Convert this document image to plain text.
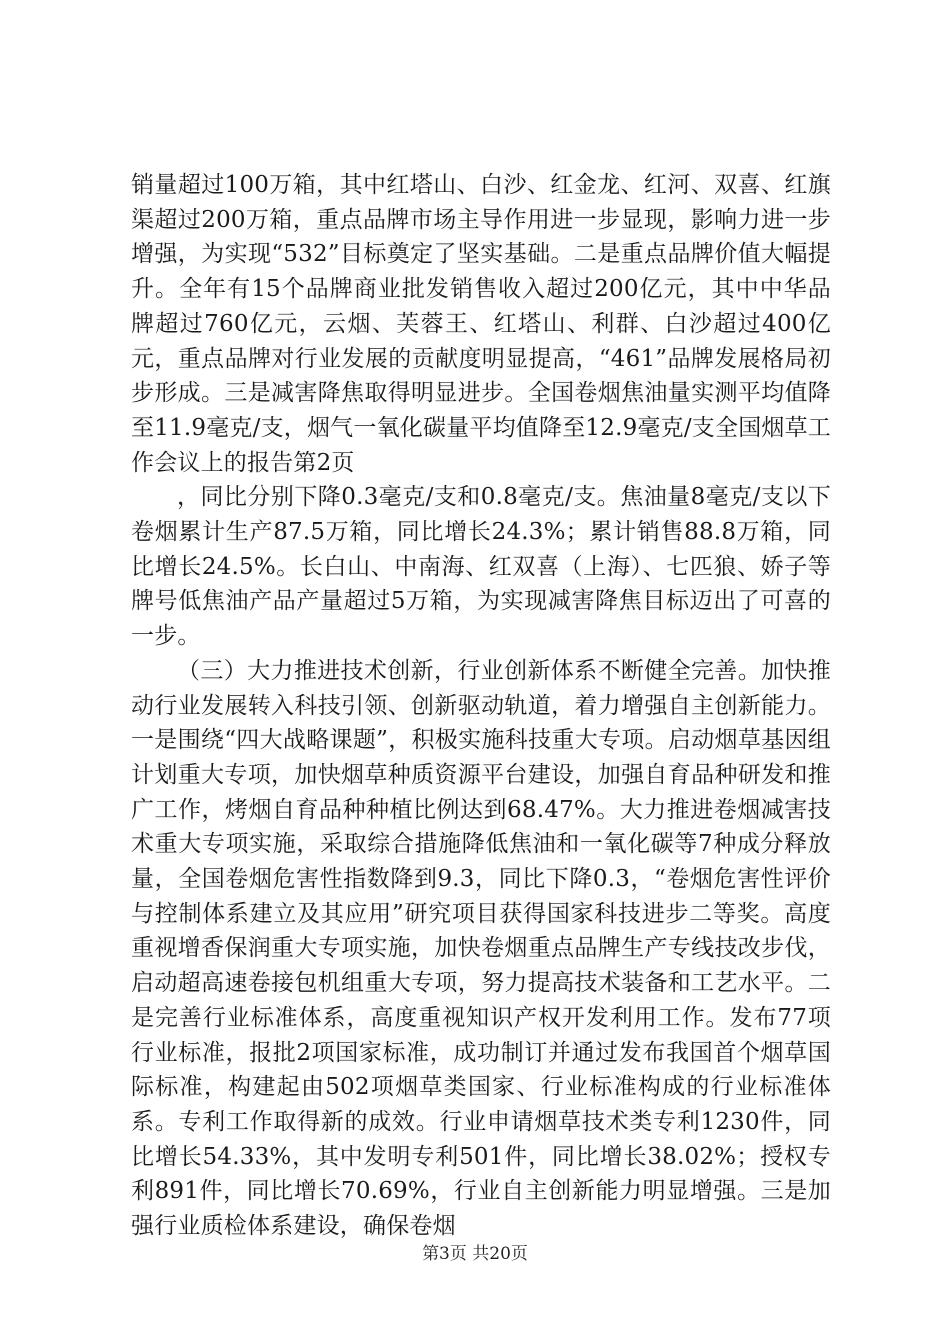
销量超过100万箱，其中红塔山、白沙、红金龙、红河、双喜、红旗渠超过200万箱，重点品牌市场主导作用进一步显现，影响力进一步增强，为实现“532”目标奠定了坚实基础。二是重点品牌价值大幅提升。全年有15个品牌商业批发销售收入超过200亿元，其中中华品牌超过760亿元，云烟、芙蓉王、红塔山、利群、白沙超过400亿元，重点品牌对行业发展的贡献度明显提高，“461”品牌发展格局初步形成。三是减害降焦取得明显进步。全国卷烟焦油量实测平均值降至11.9毫克/支，烟气一氧化碳量平均值降至12.9毫克/支全国烟草工作会议上的报告第2页

，同比分别下降0.3毫克/支和0.8毫克/支。焦油量8毫克/支以下卷烟累计生产87.5万箱，同比增长24.3%；累计销售88.8万箱，同比增长24.5%。长白山、中南海、红双喜（上海）、七匹狼、娇子等牌号低焦油产品产量超过5万箱，为实现减害降焦目标迈出了可喜的一步。

（三）大力推进技术创新，行业创新体系不断健全完善。加快推动行业发展转入科技引领、创新驱动轨道，着力增强自主创新能力。一是围绕“四大战略课题”，积极实施科技重大专项。启动烟草基因组计划重大专项，加快烟草种质资源平台建设，加强自育品种研发和推广工作，烤烟自育品种种植比例达到68.47%。大力推进卷烟减害技术重大专项实施，采取综合措施降低焦油和一氧化碳等7种成分释放量，全国卷烟危害性指数降到9.3，同比下降0.3，“卷烟危害性评价与控制体系建立及其应用”研究项目获得国家科技进步二等奖。高度重视增香保润重大专项实施，加快卷烟重点品牌生产专线技改步伐，启动超高速卷接包机组重大专项，努力提高技术装备和工艺水平。二是完善行业标准体系，高度重视知识产权开发利用工作。发布77项行业标准，报批2项国家标准，成功制订并通过发布我国首个烟草国际标准，构建起由502项烟草类国家、行业标准构成的行业标准体系。专利工作取得新的成效。行业申请烟草技术类专利1230件，同比增长54.33%，其中发明专利501件，同比增长38.02%；授权专利891件，同比增长70.69%，行业自主创新能力明显增强。三是加强行业质检体系建设，确保卷烟

第3页 共20页
